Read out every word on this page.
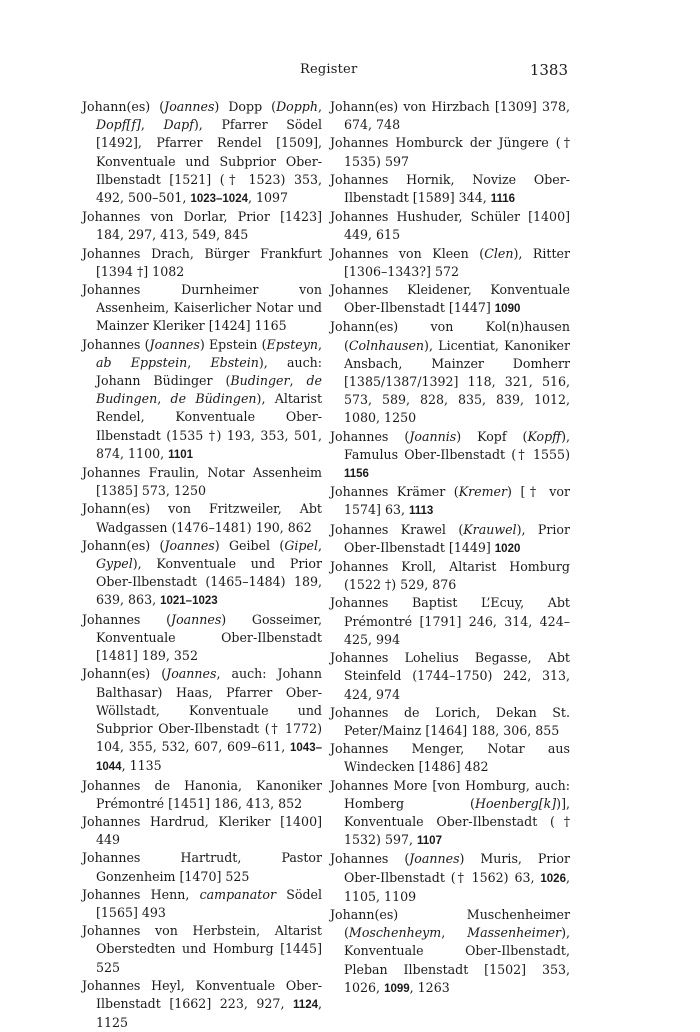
Register	1383

Johann(es) (Joannes) Dopp (Dopph, Dopf[f], Dapf), Pfarrer Södel [1492], Pfarrer Rendel [1509], Konventuale und Subprior Ober-Ilbenstadt [1521] († 1523) 353, 492, 500–501, 1023–1024, 1097

Johannes von Dorlar, Prior [1423] 184, 297, 413, 549, 845

Johannes Drach, Bürger Frankfurt [1394 †] 1082

Johannes Durnheimer von Assenheim, Kaiserlicher Notar und Mainzer Kleriker [1424] 1165

Johannes (Joannes) Epstein (Epsteyn, ab Eppstein, Ebstein), auch: Johann Büdinger (Budinger, de Budingen, de Büdingen), Altarist Rendel, Konventuale Ober-Ilbenstadt (1535 †) 193, 353, 501, 874, 1100, 1101

Johannes Fraulin, Notar Assenheim [1385] 573, 1250

Johann(es) von Fritzweiler, Abt Wadgassen (1476–1481) 190, 862

Johann(es) (Joannes) Geibel (Gipel, Gypel), Konventuale und Prior Ober-Ilbenstadt (1465–1484) 189, 639, 863, 1021–1023

Johannes (Joannes) Gosseimer, Konventuale Ober-Ilbenstadt [1481] 189, 352

Johann(es) (Joannes, auch: Johann Balthasar) Haas, Pfarrer Ober-Wöllstadt, Konventuale und Subprior Ober-Ilbenstadt († 1772) 104, 355, 532, 607, 609–611, 1043–1044, 1135

Johannes de Hanonia, Kanoniker Prémontré [1451] 186, 413, 852

Johannes Hardrud, Kleriker [1400] 449

Johannes Hartrudt, Pastor Gonzenheim [1470] 525

Johannes Henn, campanator Södel [1565] 493

Johannes von Herbstein, Altarist Oberstedten und Homburg [1445] 525

Johannes Heyl, Konventuale Ober-Ilbenstadt [1662] 223, 927, 1124, 1125

Johann(es) von Hirzbach [1309] 378, 674, 748

Johannes Homburck der Jüngere († 1535) 597

Johannes Hornik, Novize Ober-Ilbenstadt [1589] 344, 1116

Johannes Hushuder, Schüler [1400] 449, 615

Johannes von Kleen (Clen), Ritter [1306–1343?] 572

Johannes Kleidener, Konventuale Ober-Ilbenstadt [1447] 1090

Johann(es) von Kol(n)hausen (Colnhausen), Licentiat, Kanoniker Ansbach, Mainzer Domherr [1385/1387/1392] 118, 321, 516, 573, 589, 828, 835, 839, 1012, 1080, 1250

Johannes (Joannis) Kopf (Kopff), Famulus Ober-Ilbenstadt († 1555) 1156

Johannes Krämer (Kremer) [† vor 1574] 63, 1113

Johannes Krawel (Krauwel), Prior Ober-Ilbenstadt [1449] 1020

Johannes Kroll, Altarist Homburg (1522 †) 529, 876

Johannes Baptist L’Ecuy, Abt Prémontré [1791] 246, 314, 424–425, 994

Johannes Lohelius Begasse, Abt Steinfeld (1744–1750) 242, 313, 424, 974

Johannes de Lorich, Dekan St. Peter/Mainz [1464] 188, 306, 855

Johannes Menger, Notar aus Windecken [1486] 482

Johannes More [von Homburg, auch: Homberg (Hoenberg[k])], Konventuale Ober-Ilbenstadt († 1532) 597, 1107

Johannes (Joannes) Muris, Prior Ober-Ilbenstadt († 1562) 63, 1026, 1105, 1109

Johann(es) Muschenheimer (Moschenheym, Massenheimer), Konventuale Ober-Ilbenstadt, Pleban Ilbenstadt [1502] 353, 1026, 1099, 1263
